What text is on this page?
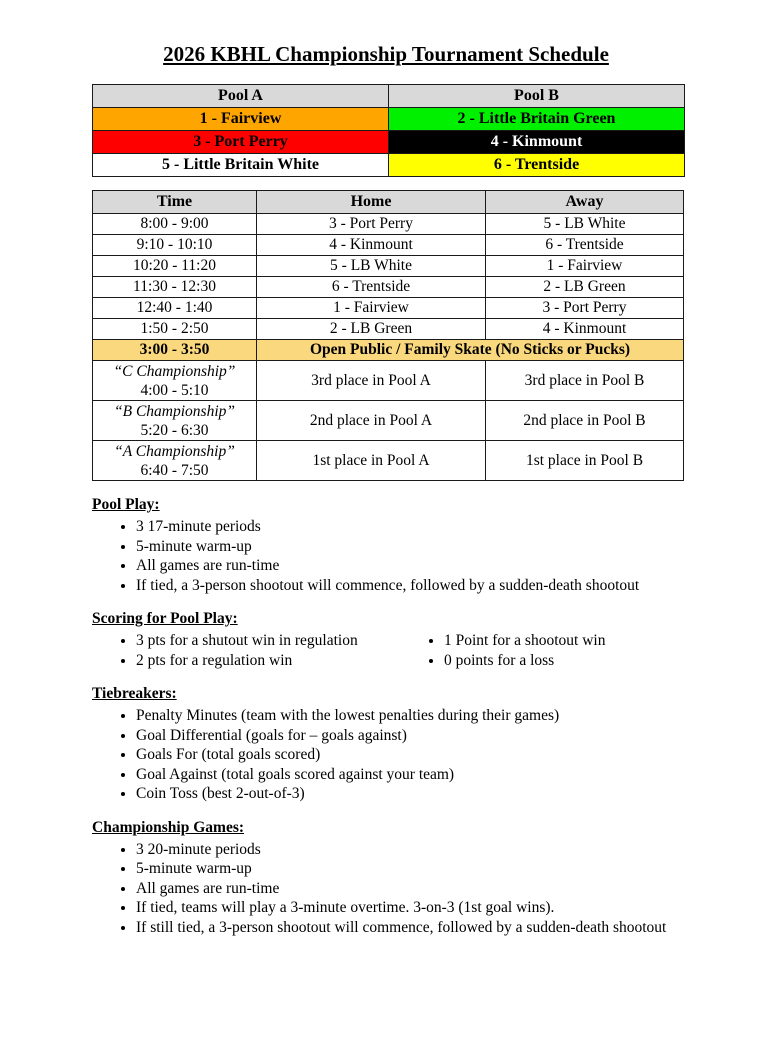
2026 KBHL Championship Tournament Schedule
Pool A	Pool B
1 - Fairview	2 - Little Britain Green
3 - Port Perry	4 - Kinmount
5 - Little Britain White	6 - Trentside
Time	Home	Away
8:00 - 9:00	3 - Port Perry	5 - LB White
9:10 - 10:10	4 - Kinmount	6 - Trentside
10:20 - 11:20	5 - LB White	1 - Fairview
11:30 - 12:30	6 - Trentside	2 - LB Green
12:40 - 1:40	1 - Fairview	3 - Port Perry
1:50 - 2:50	2 - LB Green	4 - Kinmount
3:00 - 3:50	Open Public / Family Skate (No Sticks or Pucks)	

“C Championship”
4:00 - 5:10	3rd place in Pool A	3rd place in Pool B

“B Championship”
5:20 - 6:30	2nd place in Pool A	2nd place in Pool B

“A Championship”
6:40 - 7:50	1st place in Pool A	1st place in Pool B
Pool Play:
• 3 17-minute periods
• 5-minute warm-up
• All games are run-time
• If tied, a 3-person shootout will commence, followed by a sudden-death shootout
Scoring for Pool Play:
• 3 pts for a shutout win in regulation
• 2 pts for a regulation win
• 1 Point for a shootout win
• 0 points for a loss
Tiebreakers:
• Penalty Minutes (team with the lowest penalties during their games)
• Goal Differential (goals for – goals against)
• Goals For (total goals scored)
• Goal Against (total goals scored against your team)
• Coin Toss (best 2-out-of-3)
Championship Games:
• 3 20-minute periods
• 5-minute warm-up
• All games are run-time
• If tied, teams will play a 3-minute overtime. 3-on-3 (1st goal wins).
• If still tied, a 3-person shootout will commence, followed by a sudden-death shootout
